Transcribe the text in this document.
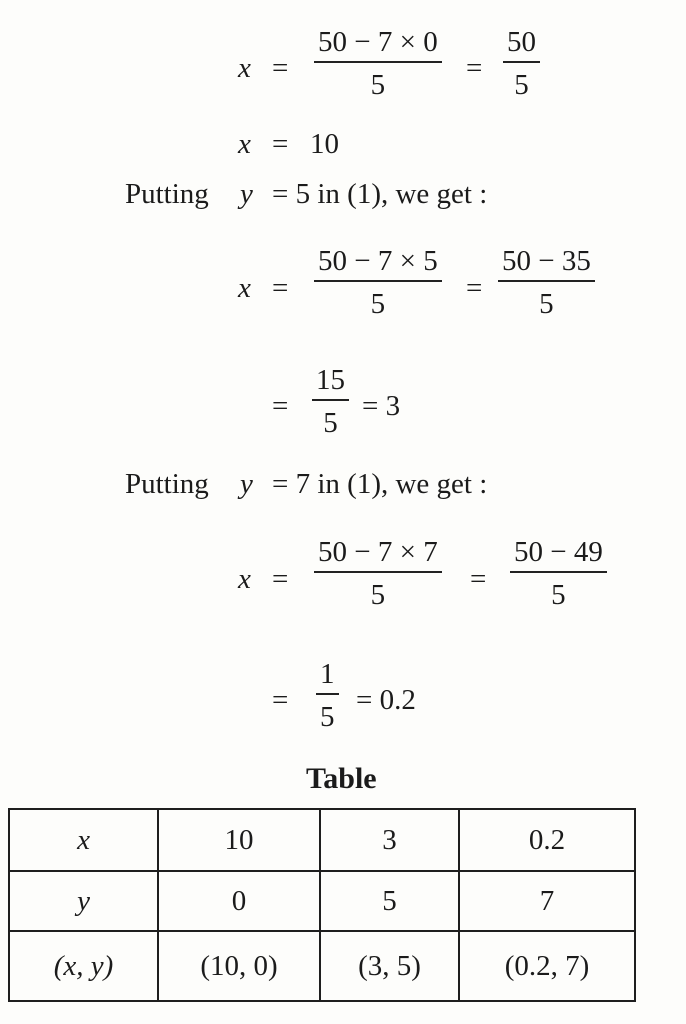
x =
50 − 7 × 0
5
=
50
5
x = 10
Putting y = 5 in (1), we get :
x =
50 − 7 × 5
5	=
50 − 35
5
=
15
5
= 3
Putting y = 7 in (1), we get :
x =
50 − 7 × 7
5	=
50 − 49
5
=
1
5
= 0.2
Table
x	10	3	0.2
y	0	5	7
(x, y)	(10, 0)	(3, 5)	(0.2, 7)
